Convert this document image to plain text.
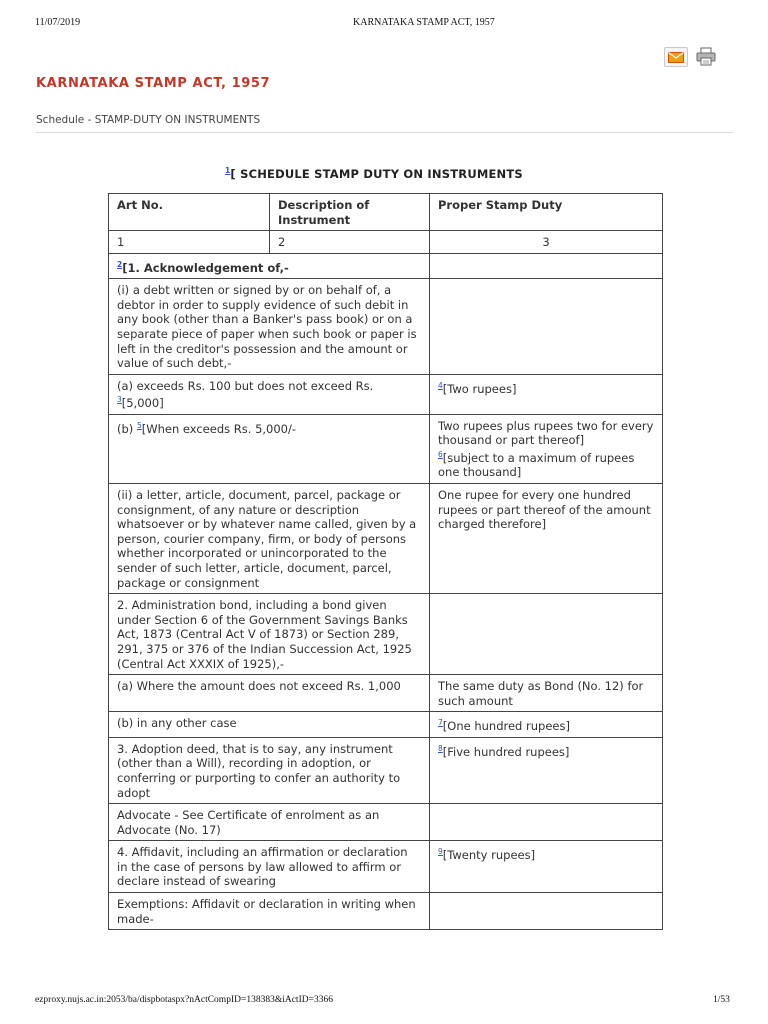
11/07/2019	KARNATAKA STAMP ACT, 1957
KARNATAKA STAMP ACT, 1957
Schedule - STAMP-DUTY ON INSTRUMENTS
$^1$[ SCHEDULE STAMP DUTY ON INSTRUMENTS
Art No.	Description of Instrument	Proper Stamp Duty
1	2	3
$^2$[1. Acknowledgement of,-		
(i) a debt written or signed by or on behalf of, a debtor in order to supply evidence of such debit in any book (other than a Banker's pass book) or on a separate piece of paper when such book or paper is left in the creditor's possession and the amount or value of such debt,-		
(a) exceeds Rs. 100 but does not exceed Rs.
$^3$[5,000]		$^4$[Two rupees]
(b) $^5$[When exceeds Rs. 5,000/-		Two rupees plus rupees two for every thousand or part thereof]
$^6$[subject to a maximum of rupees one thousand]
(ii) a letter, article, document, parcel, package or consignment, of any nature or description whatsoever or by whatever name called, given by a person, courier company, firm, or body of persons whether incorporated or unincorporated to the sender of such letter, article, document, parcel, package or consignment		One rupee for every one hundred rupees or part thereof of the amount charged therefore]
2. Administration bond, including a bond given under Section 6 of the Government Savings Banks Act, 1873 (Central Act V of 1873) or Section 289, 291, 375 or 376 of the Indian Succession Act, 1925 (Central Act XXXIX of 1925),-		
(a) Where the amount does not exceed Rs. 1,000		The same duty as Bond (No. 12) for such amount
(b) in any other case		$^7$[One hundred rupees]
3. Adoption deed, that is to say, any instrument (other than a Will), recording in adoption, or conferring or purporting to confer an authority to adopt		$^8$[Five hundred rupees]
Advocate - See Certificate of enrolment as an Advocate (No. 17)		
4. Affidavit, including an affirmation or declaration in the case of persons by law allowed to affirm or declare instead of swearing		$^9$[Twenty rupees]
Exemptions: Affidavit or declaration in writing when made-		
ezproxy.nujs.ac.in:2053/ba/dispbotaspx?nActCompID=138383&iActID=3366	1/53
